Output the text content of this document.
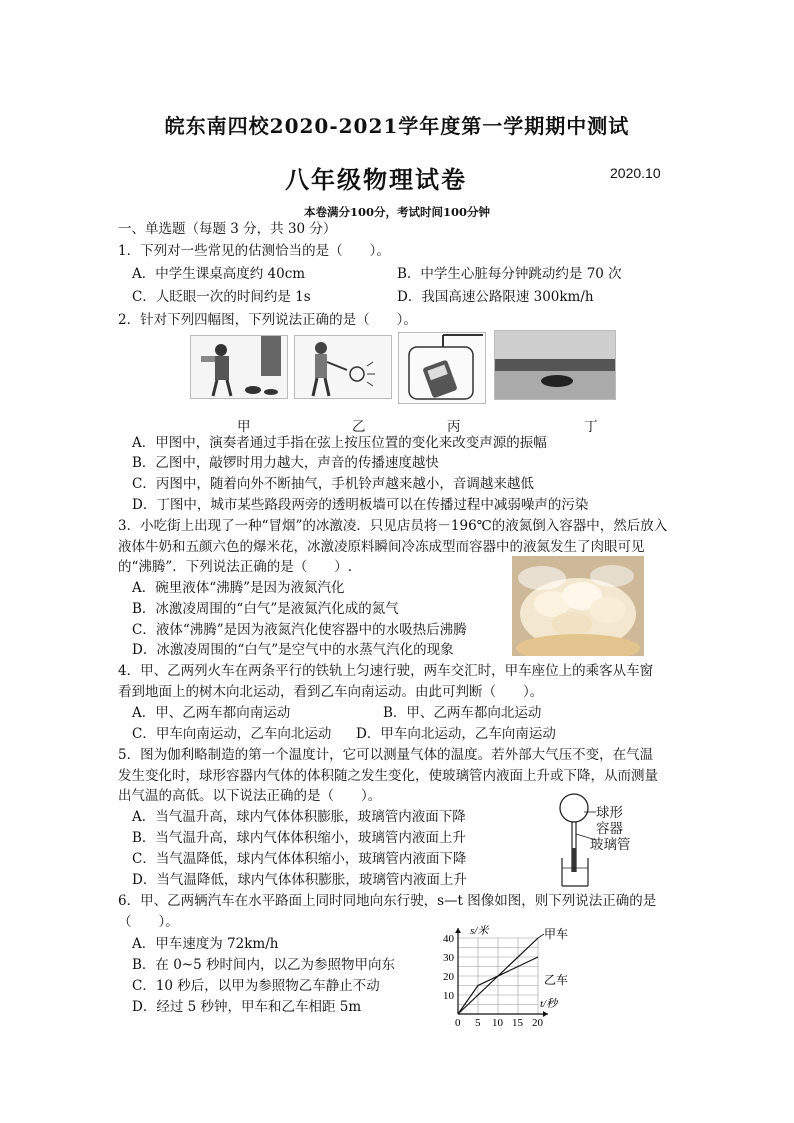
皖东南四校2020-2021学年度第一学期期中测试
八年级物理试卷	2020.10
本卷满分100分，考试时间100分钟
一、单选题（每题 3 分，共 30 分）
1．下列对一些常见的估测恰当的是（　　）。
A．中学生课桌高度约 40cm	B．中学生心脏每分钟跳动约是 70 次
C．人眨眼一次的时间约是 1s	D．我国高速公路限速 300km/h
2．针对下列四幅图，下列说法正确的是（　　）。
甲	乙	丙	丁
A．甲图中，演奏者通过手指在弦上按压位置的变化来改变声源的振幅
B．乙图中，敲锣时用力越大，声音的传播速度越快
C．丙图中，随着向外不断抽气，手机铃声越来越小，音调越来越低
D．丁图中，城市某些路段两旁的透明板墙可以在传播过程中减弱噪声的污染
3．小吃街上出现了一种“冒烟”的冰激凌．只见店员将－196℃的液氮倒入容器中，然后放入
液体牛奶和五颜六色的爆米花，冰激凌原料瞬间冷冻成型而容器中的液氮发生了肉眼可见
的“沸腾”．下列说法正确的是（　　）.
A．碗里液体“沸腾”是因为液氮汽化
B．冰激凌周围的“白气”是液氮汽化成的氮气
C．液体“沸腾”是因为液氮汽化使容器中的水吸热后沸腾
D．冰激凌周围的“白气”是空气中的水蒸气汽化的现象
4．甲、乙两列火车在两条平行的铁轨上匀速行驶，两车交汇时，甲车座位上的乘客从车窗
看到地面上的树木向北运动，看到乙车向南运动。由此可判断（　　）。
A．甲、乙两车都向南运动	B．甲、乙两车都向北运动
C．甲车向南运动，乙车向北运动 D．甲车向北运动，乙车向南运动
5．图为伽利略制造的第一个温度计，它可以测量气体的温度。若外部大气压不变，在气温
发生变化时，球形容器内气体的体积随之发生变化，使玻璃管内液面上升或下降，从而测量
出气温的高低。以下说法正确的是（　　）。
A．当气温升高，球内气体体积膨胀，玻璃管内液面下降
B．当气温升高，球内气体体积缩小，玻璃管内液面上升
C．当气温降低，球内气体体积缩小，玻璃管内液面下降
D．当气温降低，球内气体体积膨胀，玻璃管内液面上升
球形
容器
玻璃管
6．甲、乙两辆汽车在水平路面上同时同地向东行驶，s—t 图像如图，则下列说法正确的是
（　　）。
A．甲车速度为 72km/h
B．在 0~5 秒时间内，以乙为参照物甲向东
C．10 秒后，以甲为参照物乙车静止不动
D．经过 5 秒钟，甲车和乙车相距 5m
0 5 10 15 20
10
20
30
40
s/米
t/秒
甲车
乙车
